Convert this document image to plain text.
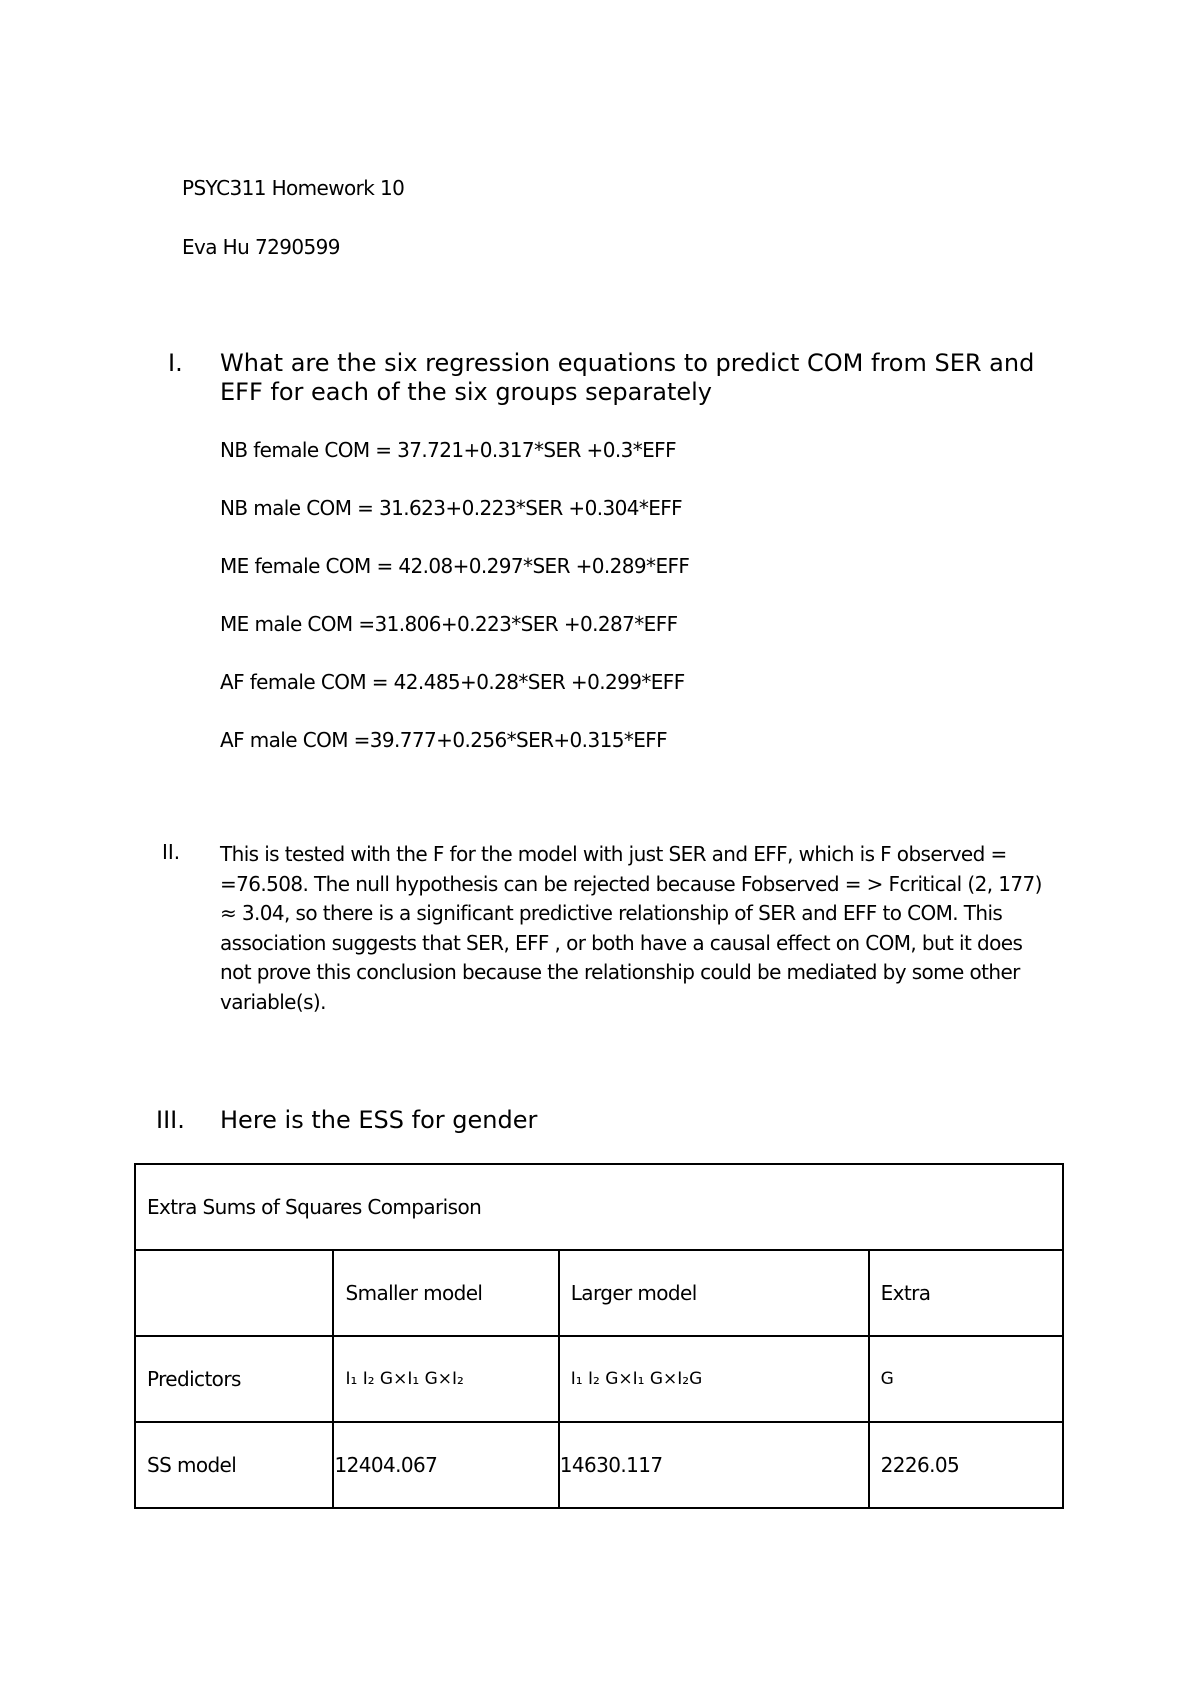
PSYC311 Homework 10
Eva Hu 7290599
I. What are the six regression equations to predict COM from SER and
EFF for each of the six groups separately
NB female COM = 37.721+0.317*SER +0.3*EFF
NB male COM = 31.623+0.223*SER +0.304*EFF
ME female COM = 42.08+0.297*SER +0.289*EFF
ME male COM =31.806+0.223*SER +0.287*EFF
AF female COM = 42.485+0.28*SER +0.299*EFF
AF male COM =39.777+0.256*SER+0.315*EFF
II. This is tested with the F for the model with just SER and EFF, which is F observed =
=76.508. The null hypothesis can be rejected because Fobserved = > Fcritical (2, 177)
≈ 3.04, so there is a significant predictive relationship of SER and EFF to COM. This
association suggests that SER, EFF , or both have a causal effect on COM, but it does
not prove this conclusion because the relationship could be mediated by some other
variable(s).
III. Here is the ESS for gender
Extra Sums of Squares Comparison			
	Smaller model	Larger model	Extra
Predictors	I₁ I₂ G×I₁ G×I₂	I₁ I₂ G×I₁ G×I₂G	G
SS model	12404.067	14630.117	2226.05
